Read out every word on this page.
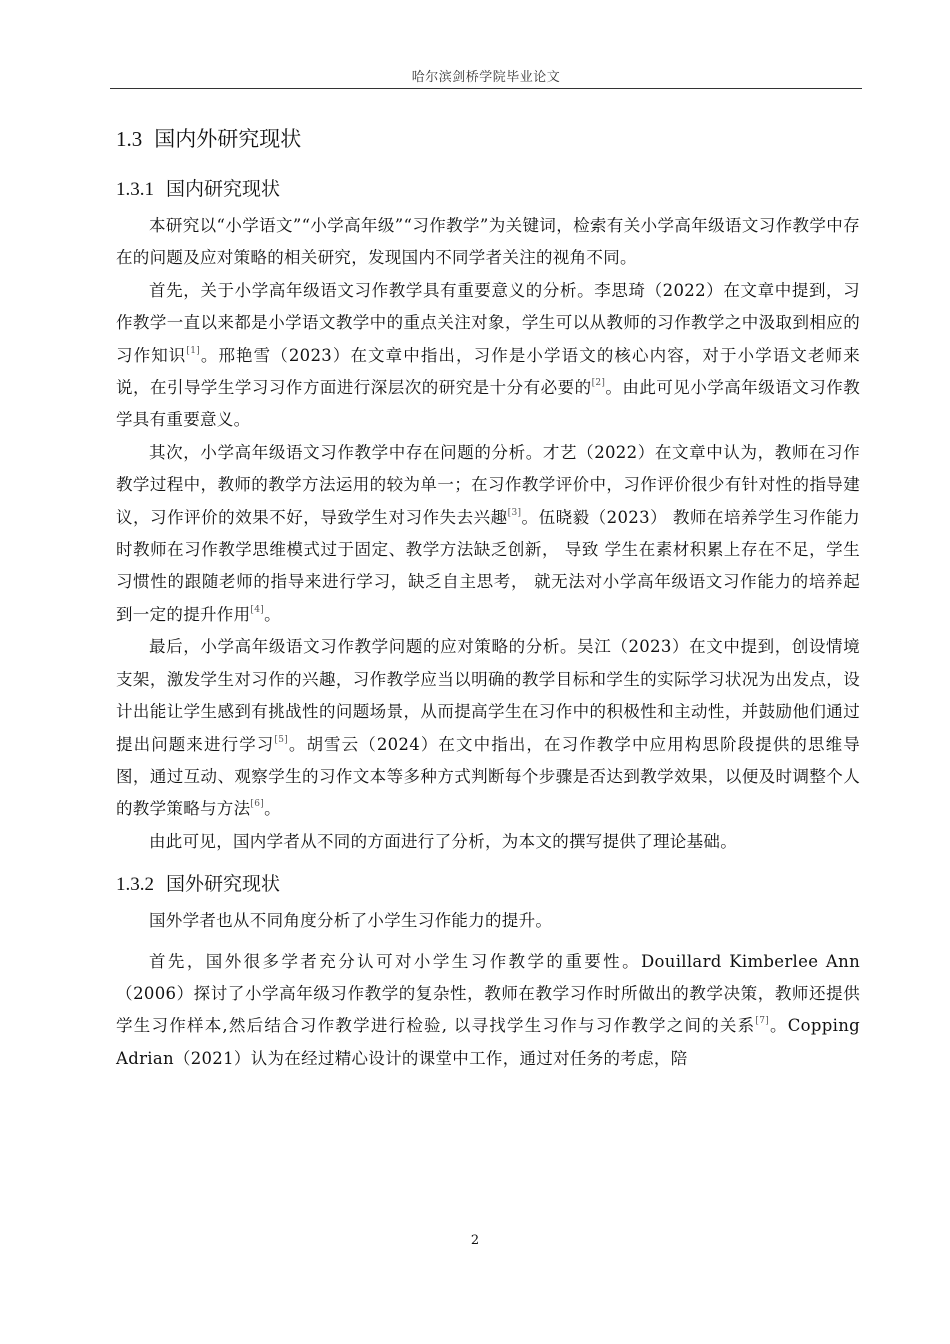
哈尔滨剑桥学院毕业论文
1.3 国内外研究现状
1.3.1 国内研究现状

本研究以“小学语文”“小学高年级”“习作教学”为关键词，检索有关小学高年级语文习作教学中存在的问题及应对策略的相关研究，发现国内不同学者关注的视角不同。

首先，关于小学高年级语文习作教学具有重要意义的分析。李思琦（2022）在文章中提到，习作教学一直以来都是小学语文教学中的重点关注对象，学生可以从教师的习作教学之中汲取到相应的习作知识[1]。邢艳雪（2023）在文章中指出，习作是小学语文的核心内容，对于小学语文老师来说，在引导学生学习习作方面进行深层次的研究是十分有必要的[2]。由此可见小学高年级语文习作教学具有重要意义。

其次，小学高年级语文习作教学中存在问题的分析。才艺（2022）在文章中认为，教师在习作教学过程中，教师的教学方法运用的较为单一；在习作教学评价中，习作评价很少有针对性的指导建议，习作评价的效果不好，导致学生对习作失去兴趣[3]。伍晓毅（2023） 教师在培养学生习作能力时教师在习作教学思维模式过于固定、教学方法缺乏创新， 导致 学生在素材积累上存在不足，学生习惯性的跟随老师的指导来进行学习，缺乏自主思考， 就无法对小学高年级语文习作能力的培养起到一定的提升作用[4]。

最后，小学高年级语文习作教学问题的应对策略的分析。吴江（2023）在文中提到，创设情境支架，激发学生对习作的兴趣，习作教学应当以明确的教学目标和学生的实际学习状况为出发点，设计出能让学生感到有挑战性的问题场景，从而提高学生在习作中的积极性和主动性，并鼓励他们通过提出问题来进行学习[5]。胡雪云（2024）在文中指出，在习作教学中应用构思阶段提供的思维导图，通过互动、观察学生的习作文本等多种方式判断每个步骤是否达到教学效果，以便及时调整个人的教学策略与方法[6]。

由此可见，国内学者从不同的方面进行了分析，为本文的撰写提供了理论基础。

1.3.2 国外研究现状

国外学者也从不同角度分析了小学生习作能力的提升。

首先，国外很多学者充分认可对小学生习作教学的重要性。Douillard Kimberlee Ann（2006）探讨了小学高年级习作教学的复杂性，教师在教学习作时所做出的教学决策，教师还提供学生习作样本,然后结合习作教学进行检验, 以寻找学生习作与习作教学之间的关系[7]。Copping Adrian（2021）认为在经过精心设计的课堂中工作，通过对任务的考虑，陪

2
